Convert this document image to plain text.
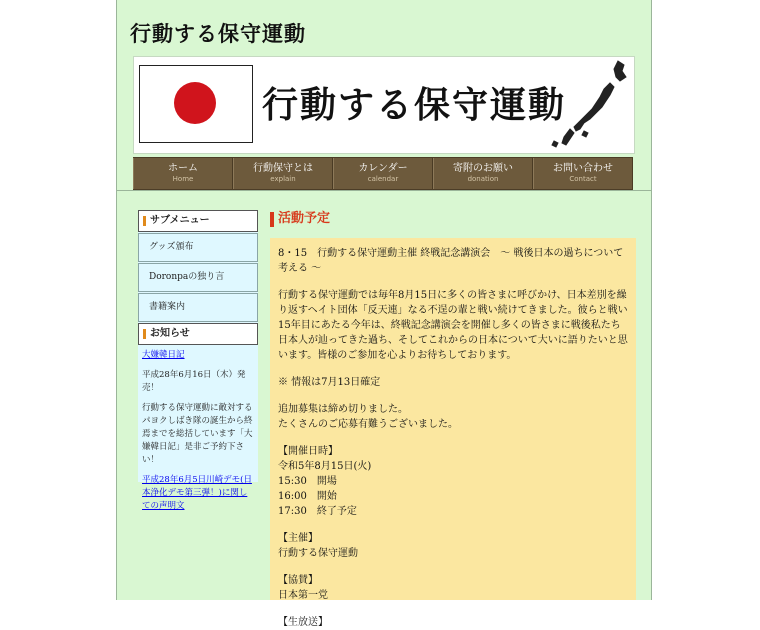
行動する保守運動
行動する保守運動
ホーム
Home
行動保守とは
explain
カレンダー
calendar
寄附のお願い
donation
お問い合わせ
Contact
サブメニュー
グッズ頒布
Doronpaの独り言
書籍案内
お知らせ

大嫌韓日記

平成28年6月16日（木）発売！

行動する保守運動に敵対するパヨクしばき隊の誕生から終焉までを総括しています「大嫌韓日記」是非ご予約下さい！

平成28年6月5日川崎デモ(日本浄化デモ第三弾！)に関しての声明文

活動予定

8・15　行動する保守運動主催 終戦記念講演会　～ 戦後日本の過ちについて考える ～

行動する保守運動では毎年8月15日に多くの皆さまに呼びかけ、日本差別を繰り返すヘイト団体「反天連」なる不逞の輩と戦い続けてきました。彼らと戦い15年目にあたる今年は、終戦記念講演会を開催し多くの皆さまに戦後私たち日本人が辿ってきた過ち、そしてこれからの日本について大いに語りたいと思います。皆様のご参加を心よりお待ちしております。

※ 情報は7月13日確定

追加募集は締め切りました。
たくさんのご応募有難うございました。

【開催日時】
令和5年8月15日(火)
15:30　開場
16:00　開始
17:30　終了予定

【主催】
行動する保守運動

【協賛】
日本第一党

【生放送】
